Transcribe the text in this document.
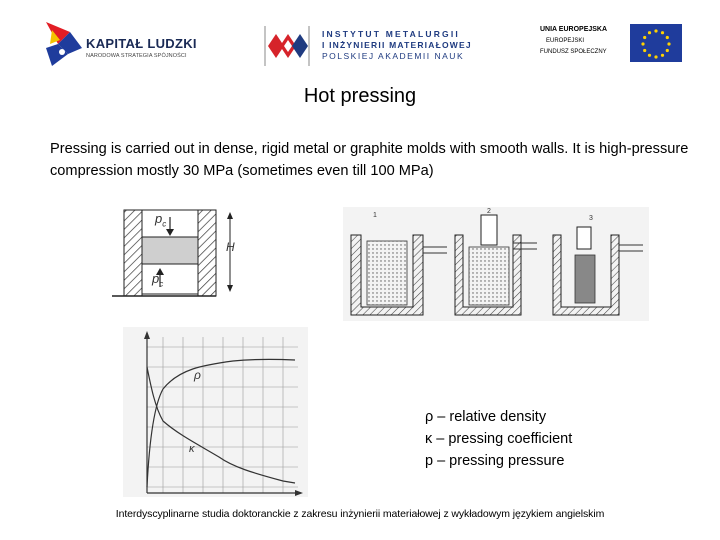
KAPITAŁ LUDZKI
NARODOWA STRATEGIA SPÓJNOŚCI
INSTYTUT METALURGII
I INŻYNIERII MATERIAŁOWEJ
POLSKIEJ AKADEMII NAUK
UNIA EUROPEJSKA
EUROPEJSKI
FUNDUSZ SPOŁECZNY
Hot pressing
Pressing is carried out in dense, rigid metal or graphite molds with smooth walls. It is high-pressure compression mostly 30 MPa (sometimes even till 100 MPa)
$p_c$
$p_c$
H
1
2
3
ρ
κ
ρ – relative density
κ – pressing coefficient
p – pressing pressure
Interdyscyplinarne studia doktoranckie z zakresu inżynierii materiałowej z wykładowym językiem angielskim
